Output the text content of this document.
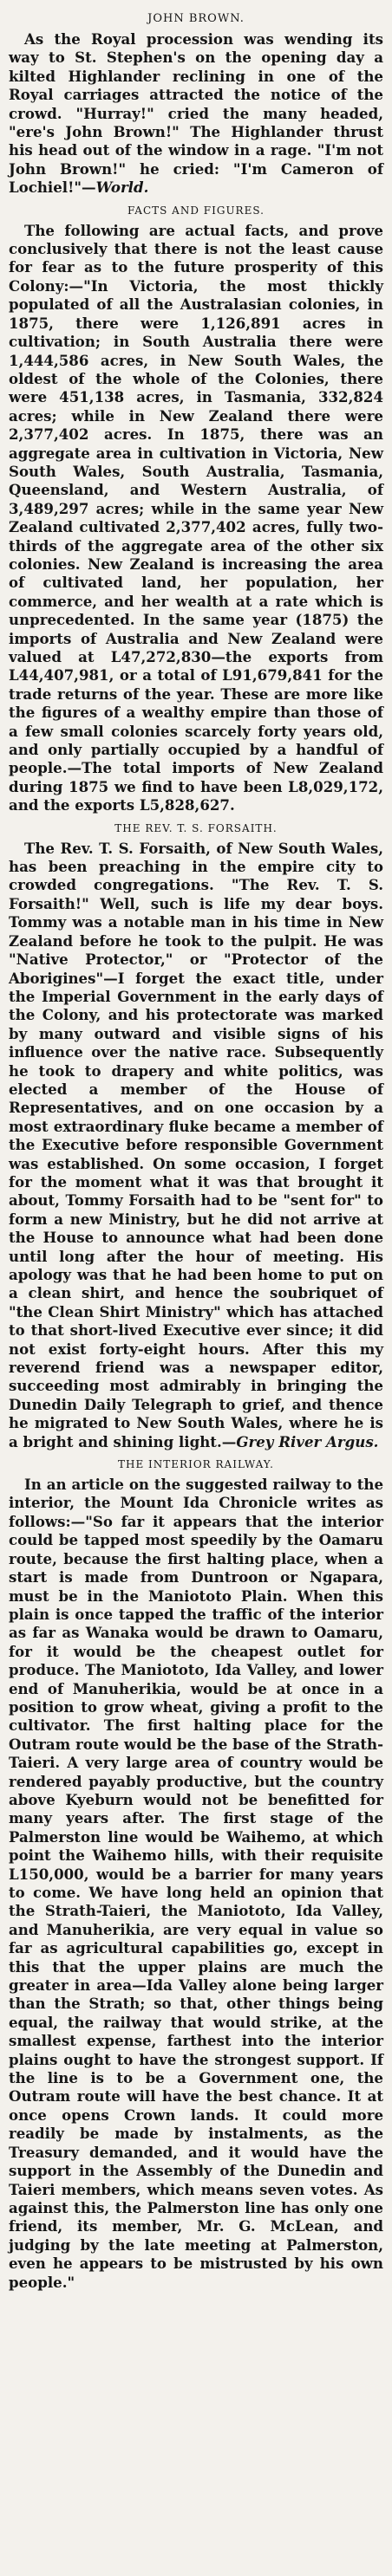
JOHN BROWN.

As the Royal procession was wending its way to St. Stephen's on the opening day a kilted Highlander reclining in one of the Royal carriages attracted the notice of the crowd. "Hurray!" cried the many headed, "ere's John Brown!" The Highlander thrust his head out of the window in a rage. "I'm not John Brown!" he cried: "I'm Cameron of Lochiel!"—World.

FACTS AND FIGURES.

The following are actual facts, and prove conclusively that there is not the least cause for fear as to the future prosperity of this Colony:—"In Victoria, the most thickly populated of all the Australasian colonies, in 1875, there were 1,126,891 acres in cultivation; in South Australia there were 1,444,586 acres, in New South Wales, the oldest of the whole of the Colonies, there were 451,138 acres, in Tasmania, 332,824 acres; while in New Zealand there were 2,377,402 acres. In 1875, there was an aggregate area in cultivation in Victoria, New South Wales, South Australia, Tasmania, Queensland, and Western Australia, of 3,489,297 acres; while in the same year New Zealand cultivated 2,377,402 acres, fully two-thirds of the aggregate area of the other six colonies. New Zealand is increasing the area of cultivated land, her population, her commerce, and her wealth at a rate which is unprecedented. In the same year (1875) the imports of Australia and New Zealand were valued at L47,272,830—the exports from L44,407,981, or a total of L91,679,841 for the trade returns of the year. These are more like the figures of a wealthy empire than those of a few small colonies scarcely forty years old, and only partially occupied by a handful of people.—The total imports of New Zealand during 1875 we find to have been L8,029,172, and the exports L5,828,627.

THE REV. T. S. FORSAITH.

The Rev. T. S. Forsaith, of New South Wales, has been preaching in the empire city to crowded congregations. "The Rev. T. S. Forsaith!" Well, such is life my dear boys. Tommy was a notable man in his time in New Zealand before he took to the pulpit. He was "Native Protector," or "Protector of the Aborigines"—I forget the exact title, under the Imperial Government in the early days of the Colony, and his protectorate was marked by many outward and visible signs of his influence over the native race. Subsequently he took to drapery and white politics, was elected a member of the House of Representatives, and on one occasion by a most extraordinary fluke became a member of the Executive before responsible Government was established. On some occasion, I forget for the moment what it was that brought it about, Tommy Forsaith had to be "sent for" to form a new Ministry, but he did not arrive at the House to announce what had been done until long after the hour of meeting. His apology was that he had been home to put on a clean shirt, and hence the soubriquet of "the Clean Shirt Ministry" which has attached to that short-lived Executive ever since; it did not exist forty-eight hours. After this my reverend friend was a newspaper editor, succeeding most admirably in bringing the Dunedin Daily Telegraph to grief, and thence he migrated to New South Wales, where he is a bright and shining light.—Grey River Argus.

THE INTERIOR RAILWAY.

In an article on the suggested railway to the interior, the Mount Ida Chronicle writes as follows:—"So far it appears that the interior could be tapped most speedily by the Oamaru route, because the first halting place, when a start is made from Duntroon or Ngapara, must be in the Maniototo Plain. When this plain is once tapped the traffic of the interior as far as Wanaka would be drawn to Oamaru, for it would be the cheapest outlet for produce. The Maniototo, Ida Valley, and lower end of Manuherikia, would be at once in a position to grow wheat, giving a profit to the cultivator. The first halting place for the Outram route would be the base of the Strath-Taieri. A very large area of country would be rendered payably productive, but the country above Kyeburn would not be benefitted for many years after. The first stage of the Palmerston line would be Waihemo, at which point the Waihemo hills, with their requisite L150,000, would be a barrier for many years to come. We have long held an opinion that the Strath-Taieri, the Maniototo, Ida Valley, and Manuherikia, are very equal in value so far as agricultural capabilities go, except in this that the upper plains are much the greater in area—Ida Valley alone being larger than the Strath; so that, other things being equal, the railway that would strike, at the smallest expense, farthest into the interior plains ought to have the strongest support. If the line is to be a Government one, the Outram route will have the best chance. It at once opens Crown lands. It could more readily be made by instalments, as the Treasury demanded, and it would have the support in the Assembly of the Dunedin and Taieri members, which means seven votes. As against this, the Palmerston line has only one friend, its member, Mr. G. McLean, and judging by the late meeting at Palmerston, even he appears to be mistrusted by his own people."
